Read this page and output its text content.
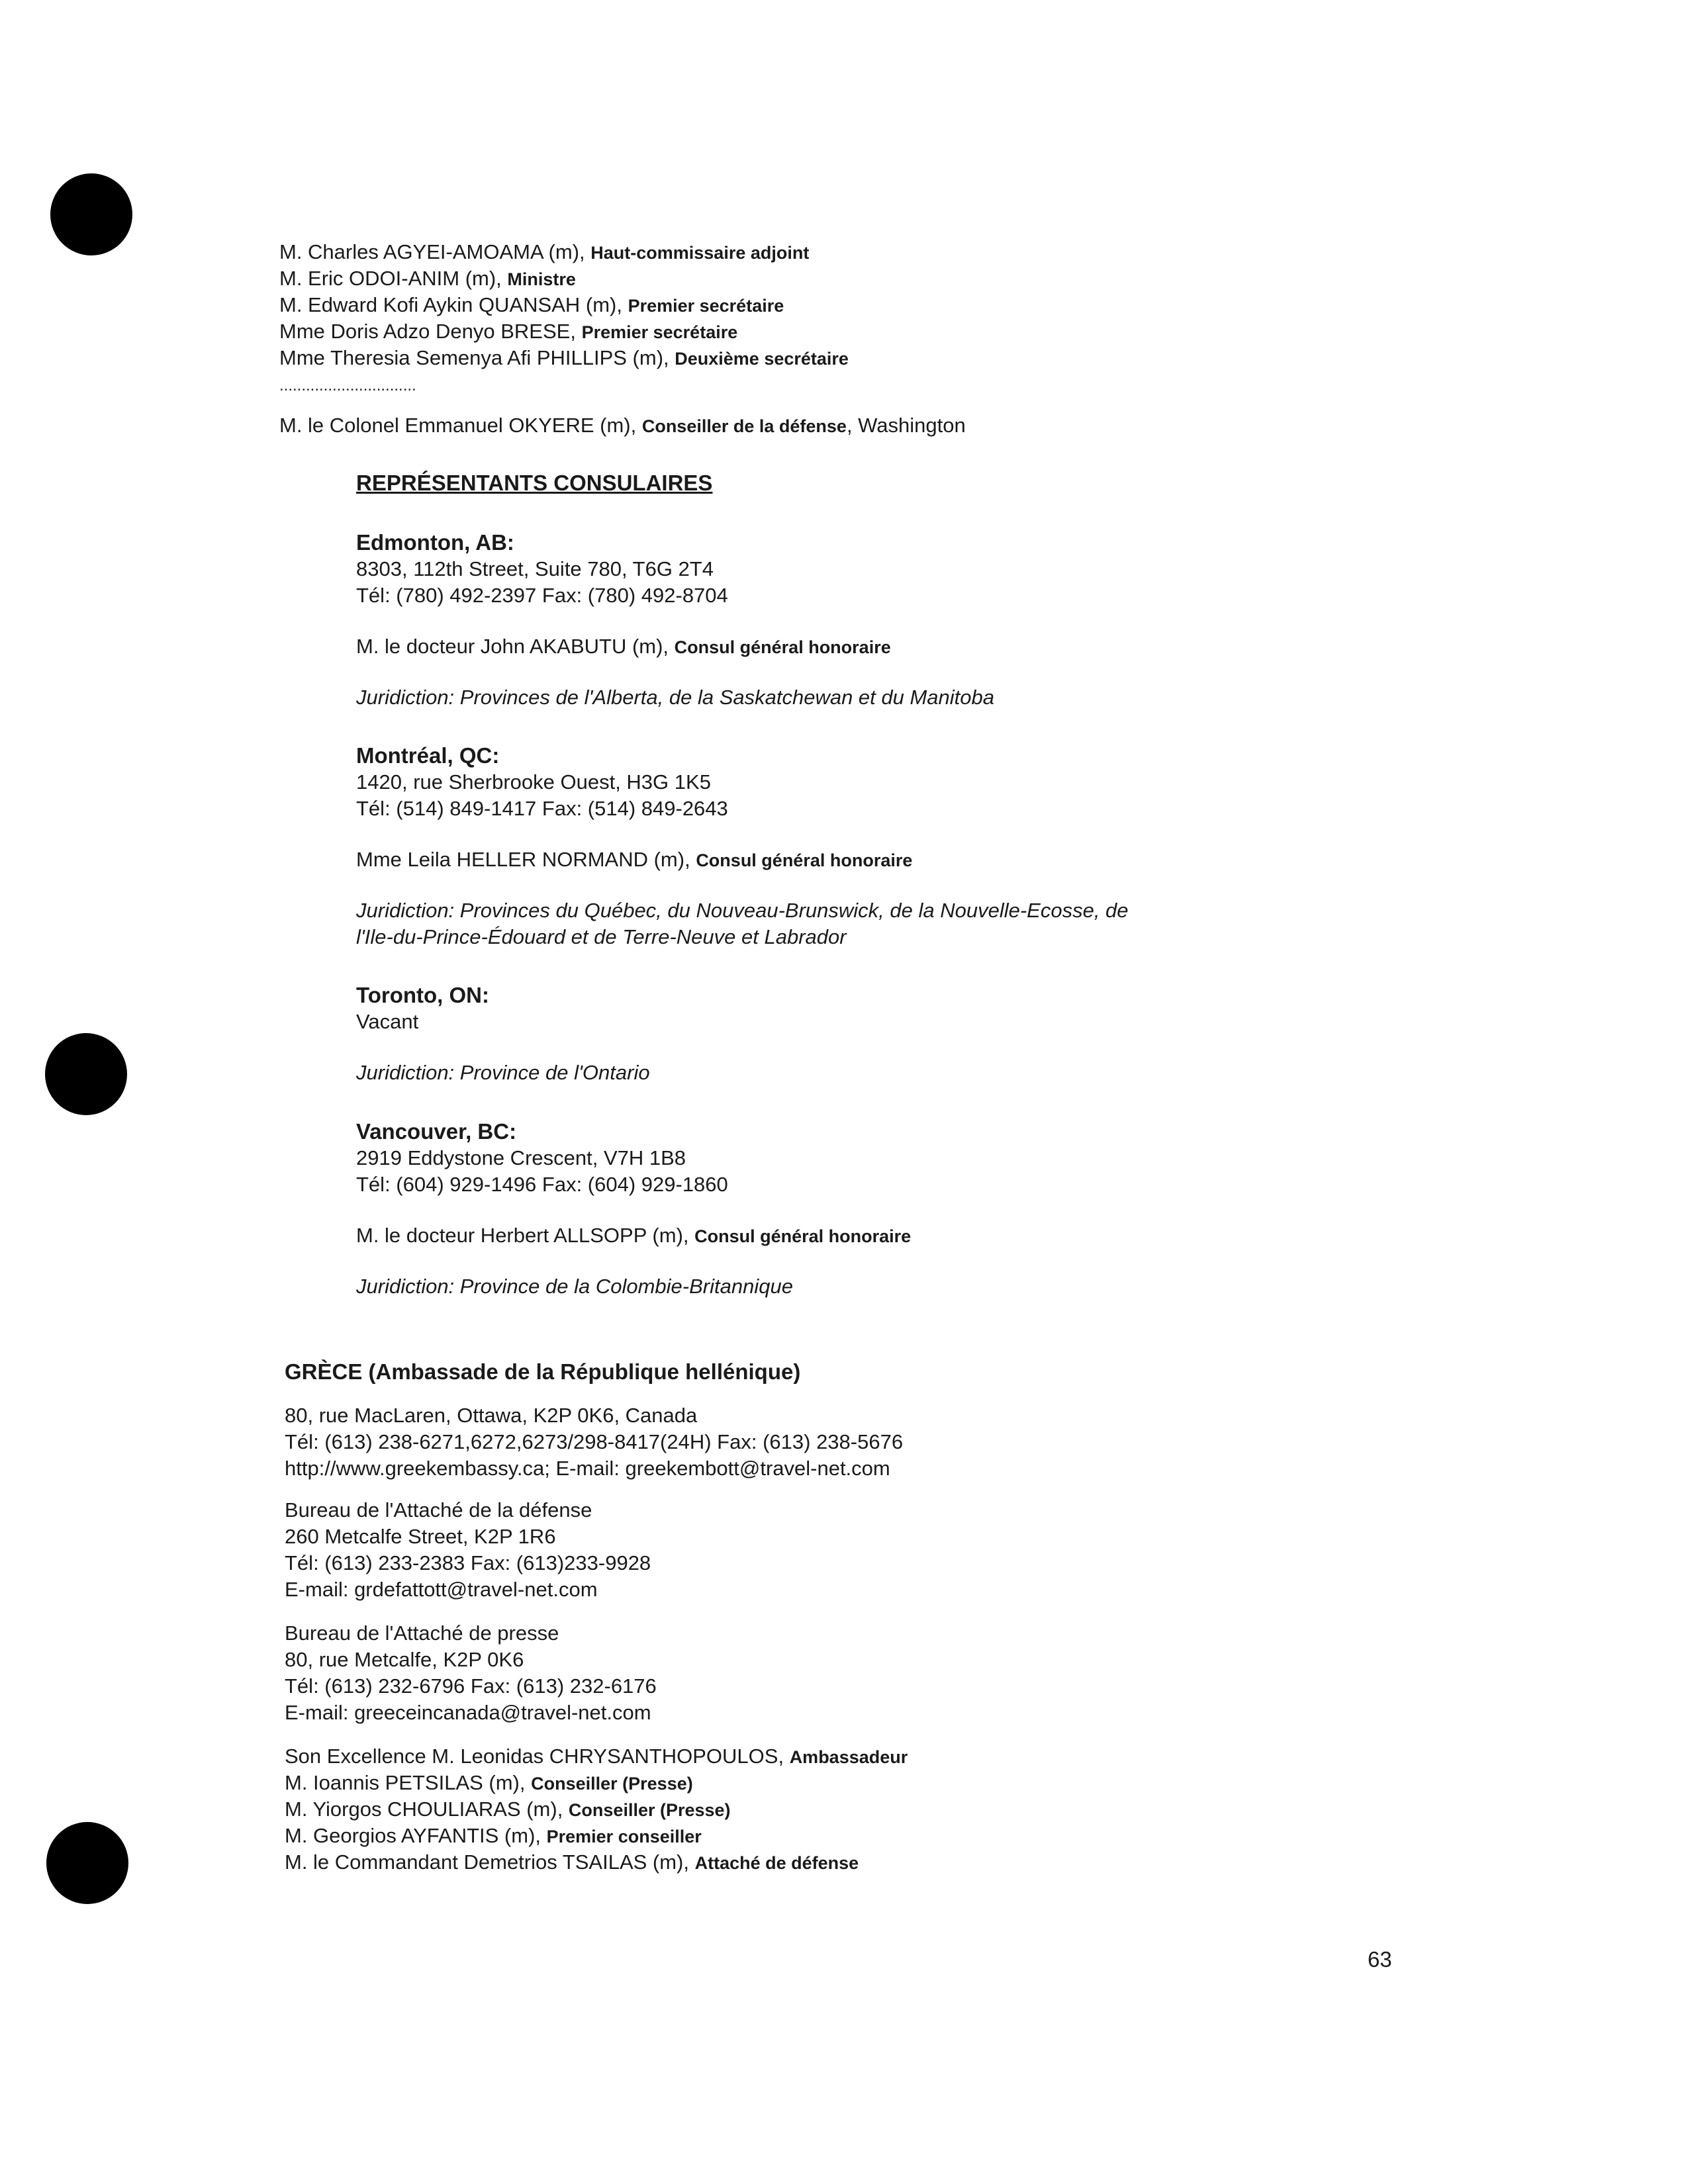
M. Charles AGYEI-AMOAMA (m), Haut-commissaire adjoint
M. Eric ODOI-ANIM (m), Ministre
M. Edward Kofi Aykin QUANSAH (m), Premier secrétaire
Mme Doris Adzo Denyo BRESE, Premier secrétaire
Mme Theresia Semenya Afi PHILLIPS (m), Deuxième secrétaire
...............................
M. le Colonel Emmanuel OKYERE (m), Conseiller de la défense, Washington
REPRÉSENTANTS CONSULAIRES
Edmonton, AB:
8303, 112th Street, Suite 780, T6G 2T4
Tél: (780) 492-2397 Fax: (780) 492-8704
M. le docteur John AKABUTU (m), Consul général honoraire
Juridiction: Provinces de l'Alberta, de la Saskatchewan et du Manitoba
Montréal, QC:
1420, rue Sherbrooke Ouest, H3G 1K5
Tél: (514) 849-1417 Fax: (514) 849-2643
Mme Leila HELLER NORMAND (m), Consul général honoraire
Juridiction: Provinces du Québec, du Nouveau-Brunswick, de la Nouvelle-Ecosse, de
l'Ile-du-Prince-Édouard et de Terre-Neuve et Labrador
Toronto, ON:
Vacant
Juridiction: Province de l'Ontario
Vancouver, BC:
2919 Eddystone Crescent, V7H 1B8
Tél: (604) 929-1496 Fax: (604) 929-1860
M. le docteur Herbert ALLSOPP (m), Consul général honoraire
Juridiction: Province de la Colombie-Britannique
GRÈCE (Ambassade de la République hellénique)
80, rue MacLaren, Ottawa, K2P 0K6, Canada
Tél: (613) 238-6271,6272,6273/298-8417(24H) Fax: (613) 238-5676
http://www.greekembassy.ca; E-mail: greekembott@travel-net.com
Bureau de l'Attaché de la défense
260 Metcalfe Street, K2P 1R6
Tél: (613) 233-2383 Fax: (613)233-9928
E-mail: grdefattott@travel-net.com
Bureau de l'Attaché de presse
80, rue Metcalfe, K2P 0K6
Tél: (613) 232-6796 Fax: (613) 232-6176
E-mail: greeceincanada@travel-net.com
Son Excellence M. Leonidas CHRYSANTHOPOULOS, Ambassadeur
M. Ioannis PETSILAS (m), Conseiller (Presse)
M. Yiorgos CHOULIARAS (m), Conseiller (Presse)
M. Georgios AYFANTIS (m), Premier conseiller
M. le Commandant Demetrios TSAILAS (m), Attaché de défense
63
